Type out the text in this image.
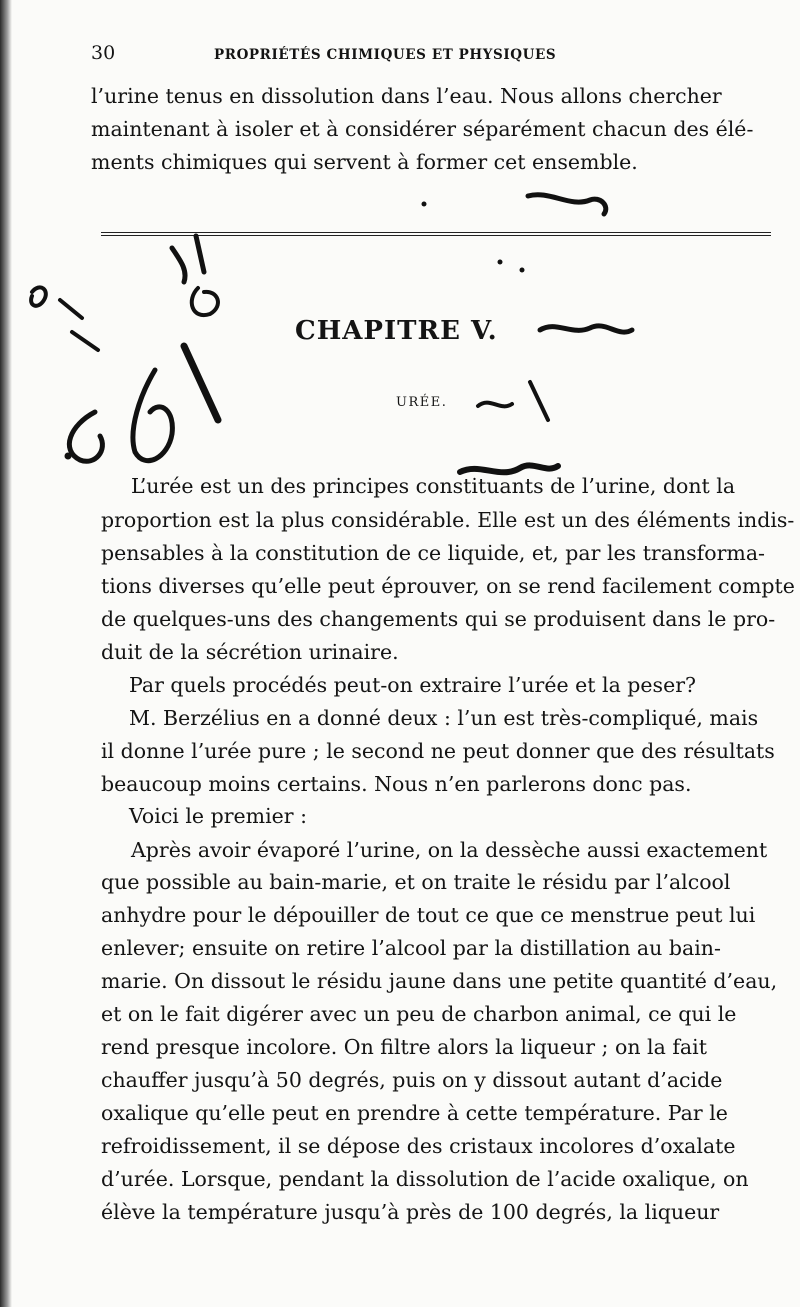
30	PROPRIÉTÉS CHIMIQUES ET PHYSIQUES
l’urine tenus en dissolution dans l’eau. Nous allons chercher
maintenant à isoler et à considérer séparément chacun des élé-
ments chimiques qui servent à former cet ensemble.
CHAPITRE V.
URÉE.
L’urée est un des principes constituants de l’urine, dont la
proportion est la plus considérable. Elle est un des éléments indis-
pensables à la constitution de ce liquide, et, par les transforma-
tions diverses qu’elle peut éprouver, on se rend facilement compte
de quelques-uns des changements qui se produisent dans le pro-
duit de la sécrétion urinaire.
Par quels procédés peut-on extraire l’urée et la peser?
M. Berzélius en a donné deux : l’un est très-compliqué, mais
il donne l’urée pure ; le second ne peut donner que des résultats
beaucoup moins certains. Nous n’en parlerons donc pas.
Voici le premier :
Après avoir évaporé l’urine, on la dessèche aussi exactement
que possible au bain-marie, et on traite le résidu par l’alcool
anhydre pour le dépouiller de tout ce que ce menstrue peut lui
enlever; ensuite on retire l’alcool par la distillation au bain-
marie. On dissout le résidu jaune dans une petite quantité d’eau,
et on le fait digérer avec un peu de charbon animal, ce qui le
rend presque incolore. On filtre alors la liqueur ; on la fait
chauffer jusqu’à 50 degrés, puis on y dissout autant d’acide
oxalique qu’elle peut en prendre à cette température. Par le
refroidissement, il se dépose des cristaux incolores d’oxalate
d’urée. Lorsque, pendant la dissolution de l’acide oxalique, on
élève la température jusqu’à près de 100 degrés, la liqueur
